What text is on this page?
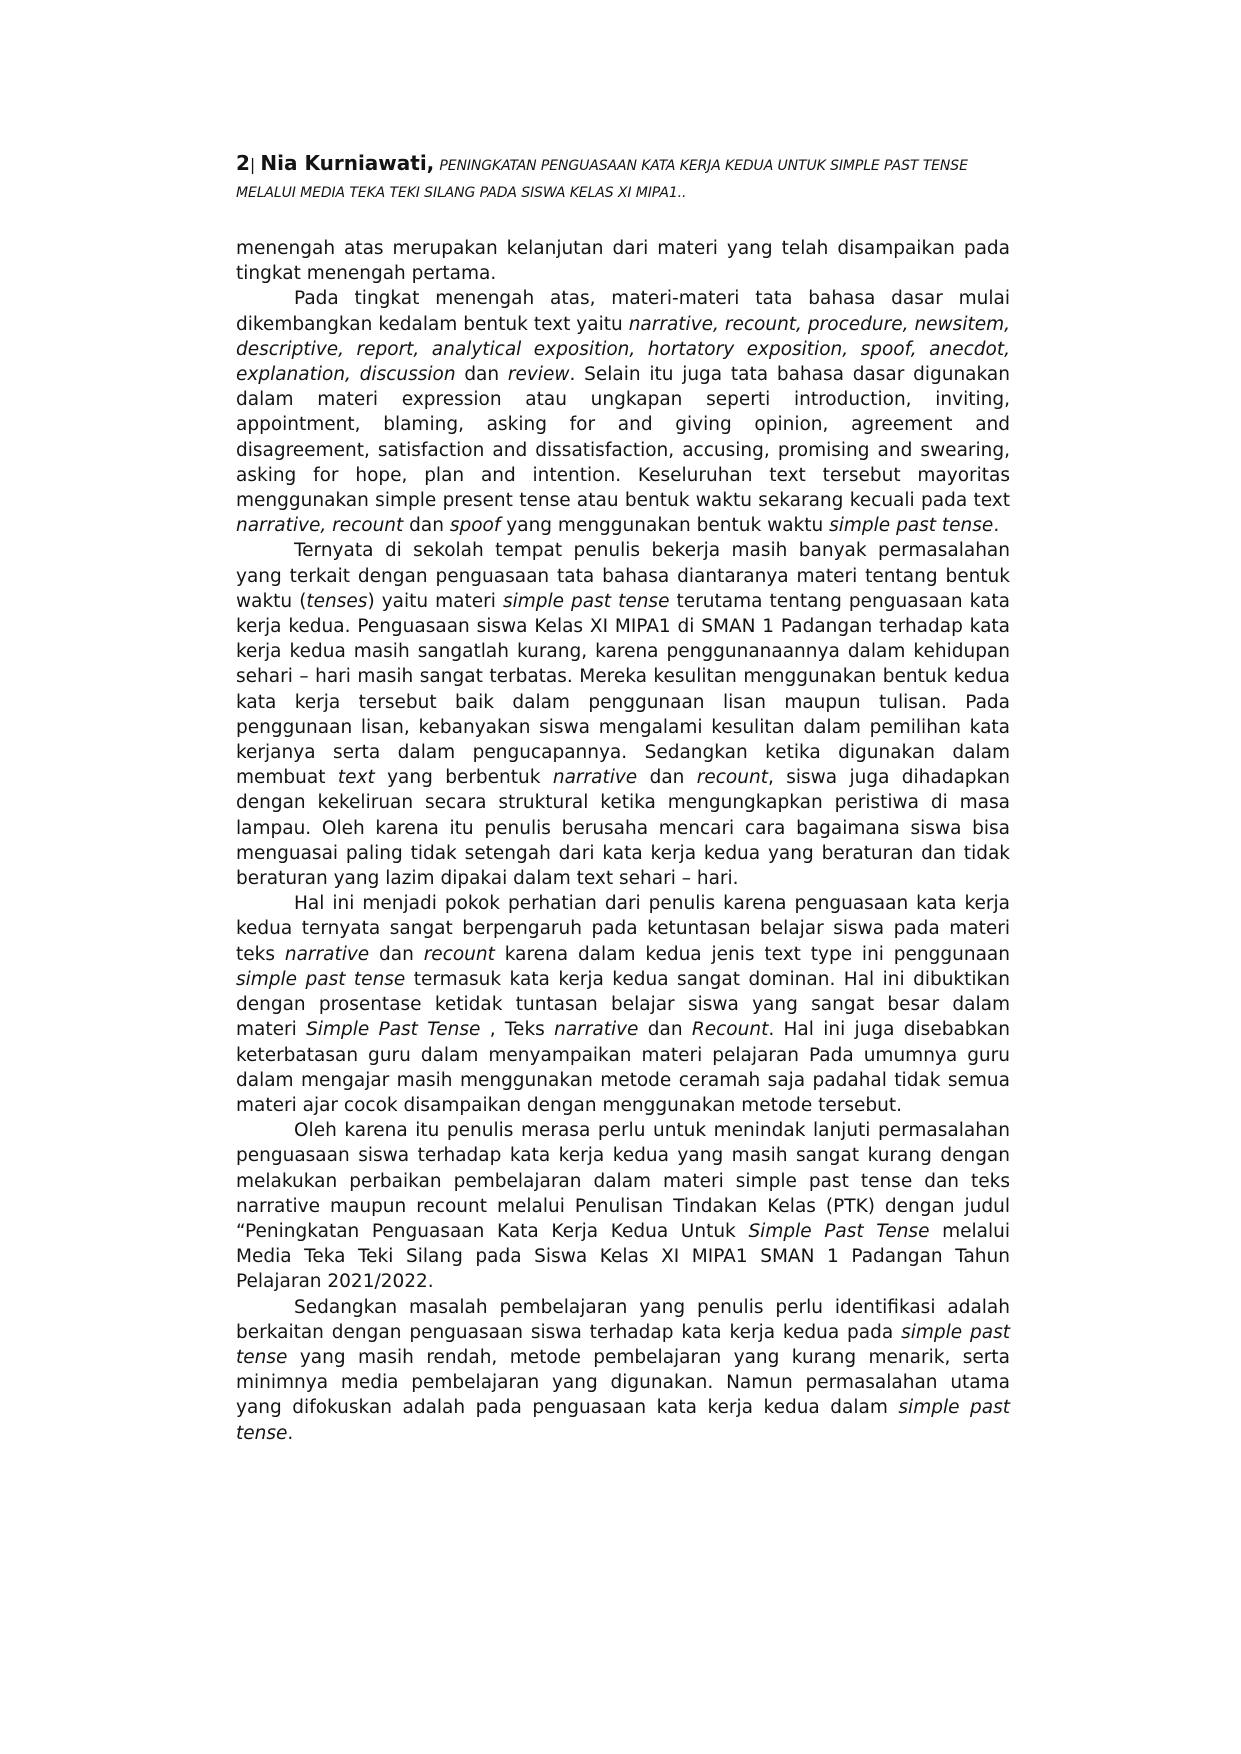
2| Nia Kurniawati, PENINGKATAN PENGUASAAN KATA KERJA KEDUA UNTUK SIMPLE PAST TENSE MELALUI MEDIA TEKA TEKI SILANG PADA SISWA KELAS XI MIPA1..

menengah atas merupakan kelanjutan dari materi yang telah disampaikan pada tingkat menengah pertama.

Pada tingkat menengah atas, materi-materi tata bahasa dasar mulai dikembangkan kedalam bentuk text yaitu narrative, recount, procedure, newsitem, descriptive, report, analytical exposition, hortatory exposition, spoof, anecdot, explanation, discussion dan review. Selain itu juga tata bahasa dasar digunakan dalam materi expression atau ungkapan seperti introduction, inviting, appointment, blaming, asking for and giving opinion, agreement and disagreement, satisfaction and dissatisfaction, accusing, promising and swearing, asking for hope, plan and intention. Keseluruhan text tersebut mayoritas menggunakan simple present tense atau bentuk waktu sekarang kecuali pada text narrative, recount dan spoof yang menggunakan bentuk waktu simple past tense.

Ternyata di sekolah tempat penulis bekerja masih banyak permasalahan yang terkait dengan penguasaan tata bahasa diantaranya materi tentang bentuk waktu (tenses) yaitu materi simple past tense terutama tentang penguasaan kata kerja kedua. Penguasaan siswa Kelas XI MIPA1 di SMAN 1 Padangan terhadap kata kerja kedua masih sangatlah kurang, karena penggunanaannya dalam kehidupan sehari – hari masih sangat terbatas. Mereka kesulitan menggunakan bentuk kedua kata kerja tersebut baik dalam penggunaan lisan maupun tulisan. Pada penggunaan lisan, kebanyakan siswa mengalami kesulitan dalam pemilihan kata kerjanya serta dalam pengucapannya. Sedangkan ketika digunakan dalam membuat text yang berbentuk narrative dan recount, siswa juga dihadapkan dengan kekeliruan secara struktural ketika mengungkapkan peristiwa di masa lampau. Oleh karena itu penulis berusaha mencari cara bagaimana siswa bisa menguasai paling tidak setengah dari kata kerja kedua yang beraturan dan tidak beraturan yang lazim dipakai dalam text sehari – hari.

Hal ini menjadi pokok perhatian dari penulis karena penguasaan kata kerja kedua ternyata sangat berpengaruh pada ketuntasan belajar siswa pada materi teks narrative dan recount karena dalam kedua jenis text type ini penggunaan simple past tense termasuk kata kerja kedua sangat dominan. Hal ini dibuktikan dengan prosentase ketidak tuntasan belajar siswa yang sangat besar dalam materi Simple Past Tense , Teks narrative dan Recount. Hal ini juga disebabkan keterbatasan guru dalam menyampaikan materi pelajaran Pada umumnya guru dalam mengajar masih menggunakan metode ceramah saja padahal tidak semua materi ajar cocok disampaikan dengan menggunakan metode tersebut.

Oleh karena itu penulis merasa perlu untuk menindak lanjuti permasalahan penguasaan siswa terhadap kata kerja kedua yang masih sangat kurang dengan melakukan perbaikan pembelajaran dalam materi simple past tense dan teks narrative maupun recount melalui Penulisan Tindakan Kelas (PTK) dengan judul “Peningkatan Penguasaan Kata Kerja Kedua Untuk Simple Past Tense melalui Media Teka Teki Silang pada Siswa Kelas XI MIPA1 SMAN 1 Padangan Tahun Pelajaran 2021/2022.

Sedangkan masalah pembelajaran yang penulis perlu identifikasi adalah berkaitan dengan penguasaan siswa terhadap kata kerja kedua pada simple past tense yang masih rendah, metode pembelajaran yang kurang menarik, serta minimnya media pembelajaran yang digunakan. Namun permasalahan utama yang difokuskan adalah pada penguasaan kata kerja kedua dalam simple past tense.
